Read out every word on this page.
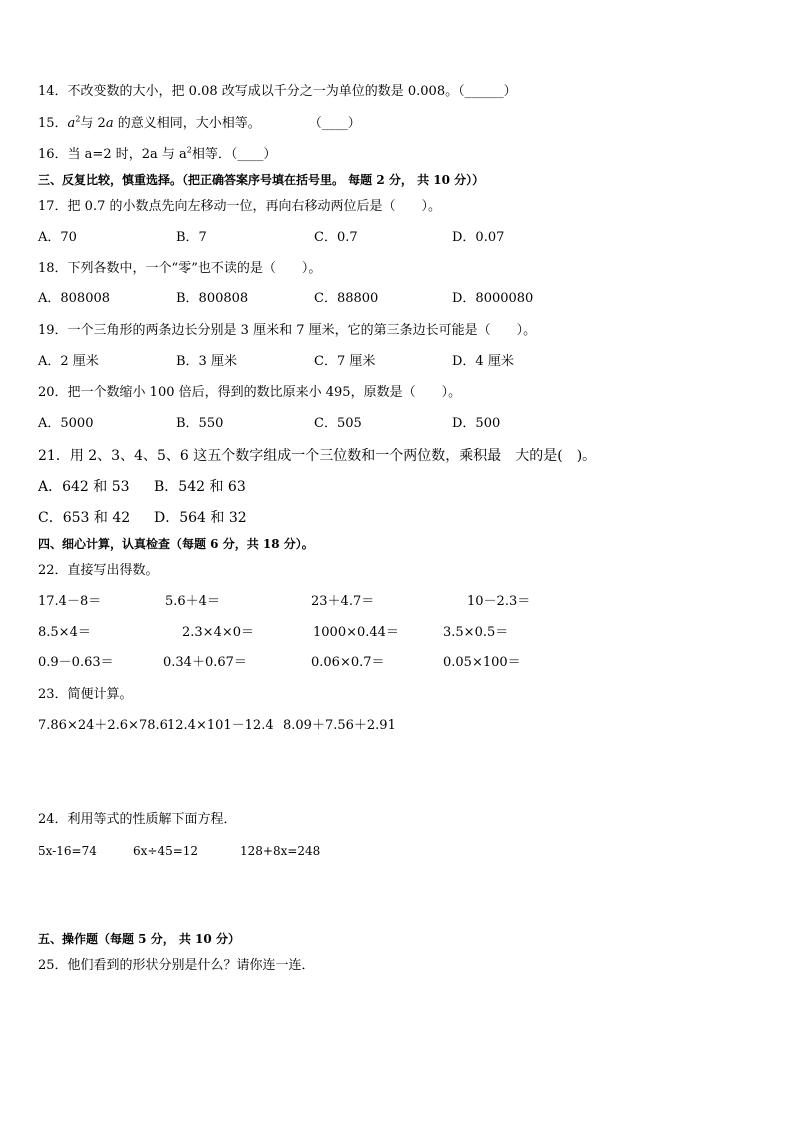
14．不改变数的大小，把 0.08 改写成以千分之一为单位的数是 0.008。（______）
15．$a^2$与 2a 的意义相同，大小相等。	（____）
16．当 a=2 时，2a 与 $a^2$相等．（____）
三、反复比较，慎重选择。（把正确答案序号填在括号里。 每题 2 分， 共 10 分））
17．把 0.7 的小数点先向左移动一位，再向右移动两位后是（　　）。
A．70	B．7	C．0.7	D．0.07
18．下列各数中，一个“零”也不读的是（　　）。
A．808008	B．800808	C．88800	D．8000080
19．一个三角形的两条边长分别是 3 厘米和 7 厘米，它的第三条边长可能是（　　）。
A．2 厘米	B．3 厘米	C．7 厘米	D．4 厘米
20．把一个数缩小 100 倍后，得到的数比原来小 495，原数是（　　）。
A．5000	B．550	C．505	D．500
21．用 2、3、4、5、6 这五个数字组成一个三位数和一个两位数，乘积最　大的是(　)。
A．642 和 53 B．542 和 63
C．653 和 42 D．564 和 32
四、细心计算，认真检查（每题 6 分，共 18 分）。
22．直接写出得数。
17.4－8＝	5.6＋4＝	23＋4.7＝	10－2.3＝
8.5×4＝	2.3×4×0＝	1000×0.44＝	3.5×0.5＝
0.9－0.63＝	0.34＋0.67＝	0.06×0.7＝	0.05×100＝
23．简便计算。
7.86×24＋2.6×78.6 12.4×101－12.4 8.09＋7.56＋2.91
24．利用等式的性质解下面方程．
5x-16=74	6x÷45=12	128+8x=248
五、操作题（每题 5 分， 共 10 分）
25．他们看到的形状分别是什么？请你连一连．
